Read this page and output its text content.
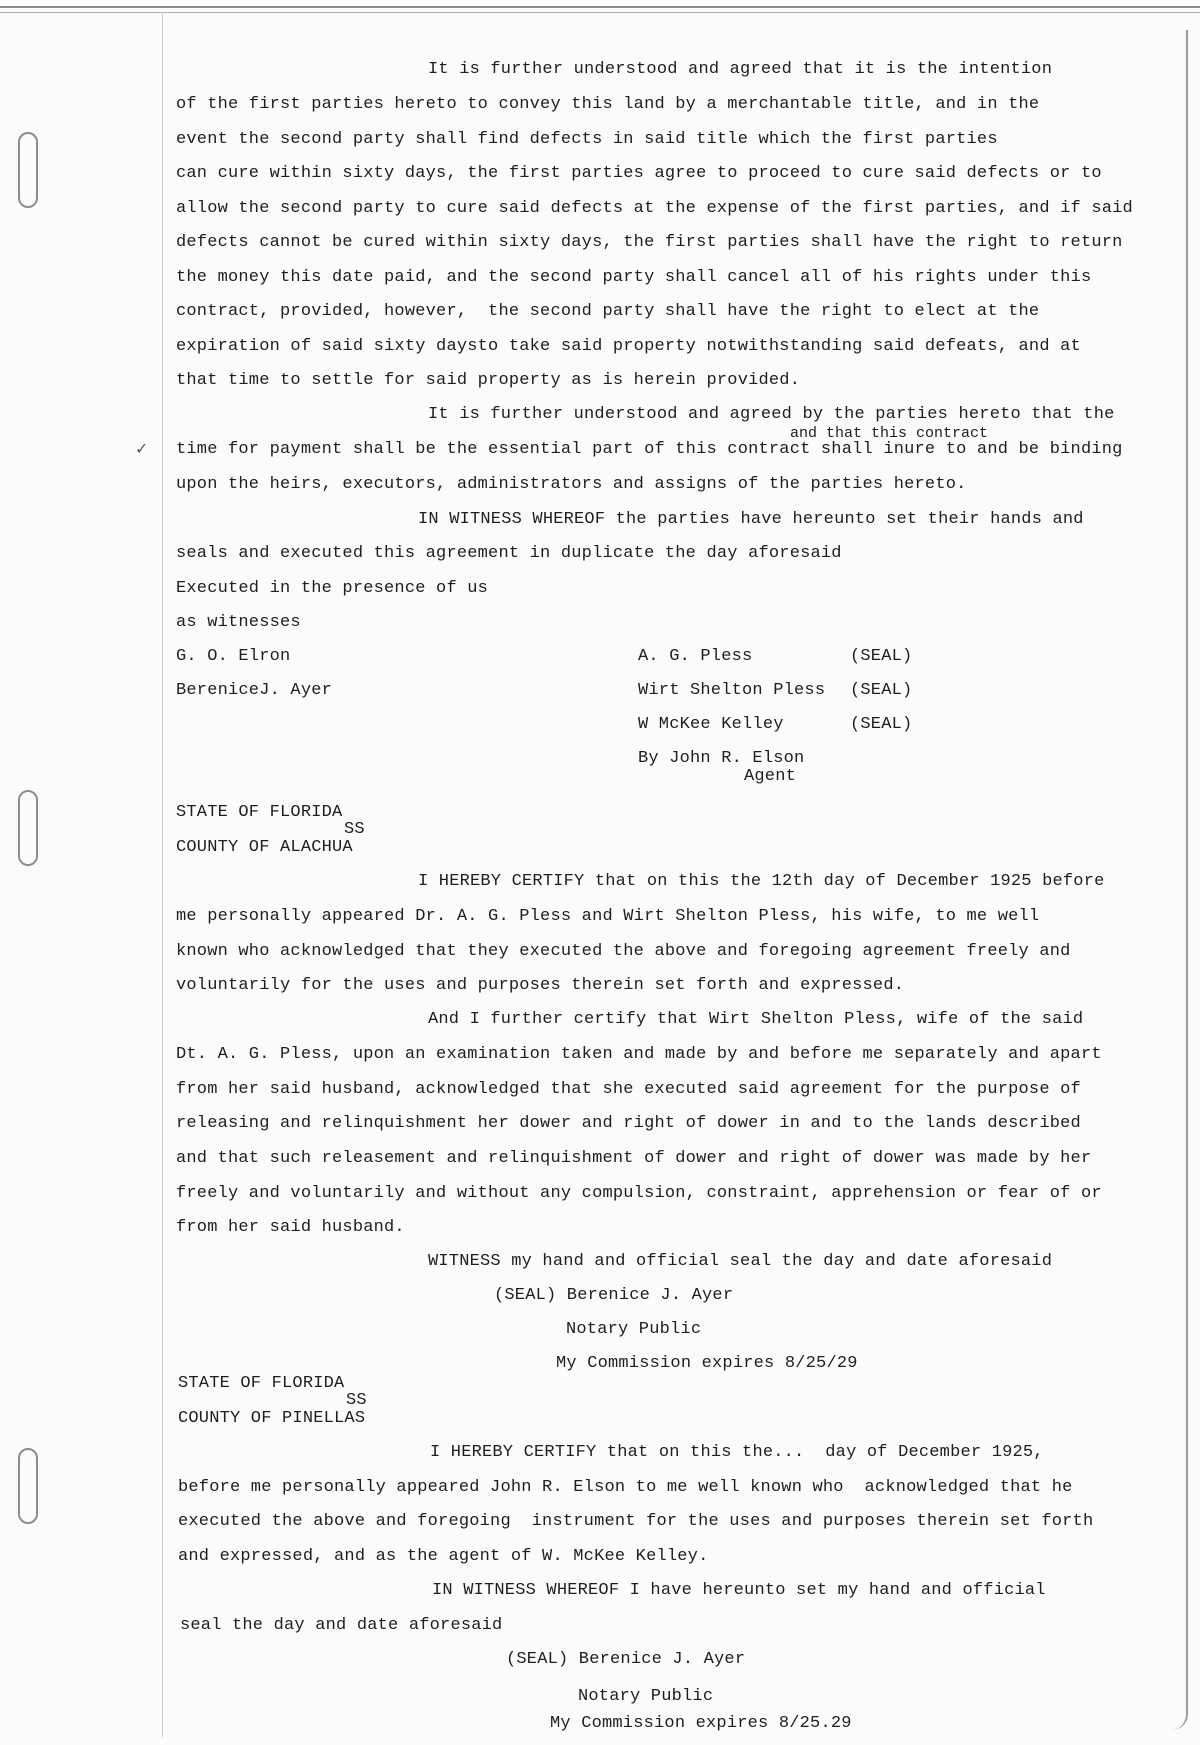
It is further understood and agreed that it is the intention
of the first parties hereto to convey this land by a merchantable title, and in the
event the second party shall find defects in said title which the first parties
can cure within sixty days, the first parties agree to proceed to cure said defects or to
allow the second party to cure said defects at the expense of the first parties, and if said
defects cannot be cured within sixty days, the first parties shall have the right to return
the money this date paid, and the second party shall cancel all of his rights under this
contract, provided, however,  the second party shall have the right to elect at the
expiration of said sixty daysto take said property notwithstanding said defeats, and at
that time to settle for said property as is herein provided.
It is further understood and agreed by the parties hereto that the
and that this contract
✓ time for payment shall be the essential part of this contract shall inure to and be binding
upon the heirs, executors, administrators and assigns of the parties hereto.
IN WITNESS WHEREOF the parties have hereunto set their hands and
seals and executed this agreement in duplicate the day aforesaid
Executed in the presence of us
as witnesses
G. O. Elron
BereniceJ. Ayer
A. G. Pless	(SEAL)
Wirt Shelton Pless (SEAL)
W McKee Kelley	(SEAL)
By John R. Elson
Agent
STATE OF FLORIDA
SS
COUNTY OF ALACHUA
I HEREBY CERTIFY that on this the 12th day of December 1925 before
me personally appeared Dr. A. G. Pless and Wirt Shelton Pless, his wife, to me well
known who acknowledged that they executed the above and foregoing agreement freely and
voluntarily for the uses and purposes therein set forth and expressed.
And I further certify that Wirt Shelton Pless, wife of the said
Dt. A. G. Pless, upon an examination taken and made by and before me separately and apart
from her said husband, acknowledged that she executed said agreement for the purpose of
releasing and relinquishment her dower and right of dower in and to the lands described
and that such releasement and relinquishment of dower and right of dower was made by her
freely and voluntarily and without any compulsion, constraint, apprehension or fear of or
from her said husband.
WITNESS my hand and official seal the day and date aforesaid
(SEAL) Berenice J. Ayer
Notary Public
My Commission expires 8/25/29
STATE OF FLORIDA
SS
COUNTY OF PINELLAS
I HEREBY CERTIFY that on this the...  day of December 1925,
before me personally appeared John R. Elson to me well known who  acknowledged that he
executed the above and foregoing  instrument for the uses and purposes therein set forth
and expressed, and as the agent of W. McKee Kelley.
IN WITNESS WHEREOF I have hereunto set my hand and official
seal the day and date aforesaid
(SEAL) Berenice J. Ayer
Notary Public
My Commission expires 8/25.29
